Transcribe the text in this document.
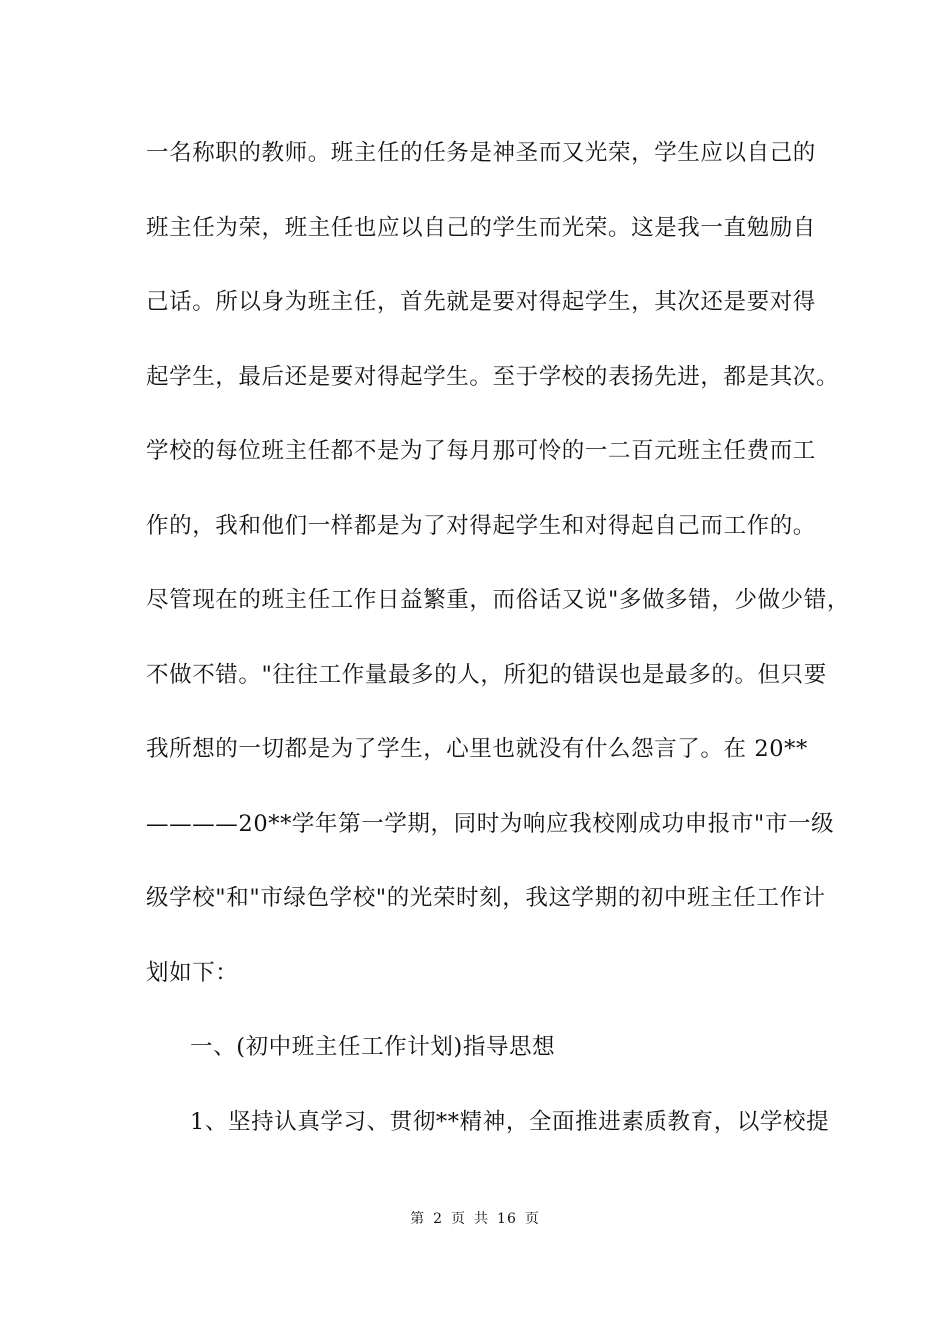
一名称职的教师。班主任的任务是神圣而又光荣，学生应以自己的
班主任为荣，班主任也应以自己的学生而光荣。这是我一直勉励自
己话。所以身为班主任，首先就是要对得起学生，其次还是要对得
起学生，最后还是要对得起学生。至于学校的表扬先进，都是其次。
学校的每位班主任都不是为了每月那可怜的一二百元班主任费而工
作的，我和他们一样都是为了对得起学生和对得起自己而工作的。
尽管现在的班主任工作日益繁重，而俗话又说"多做多错，少做少错，
不做不错。"往往工作量最多的人，所犯的错误也是最多的。但只要
我所想的一切都是为了学生，心里也就没有什么怨言了。在 20**
————20**学年第一学期，同时为响应我校刚成功申报市"市一级
级学校"和"市绿色学校"的光荣时刻，我这学期的初中班主任工作计
划如下：
一、(初中班主任工作计划)指导思想
1、坚持认真学习、贯彻**精神，全面推进素质教育，以学校提
第 2 页 共 16 页
